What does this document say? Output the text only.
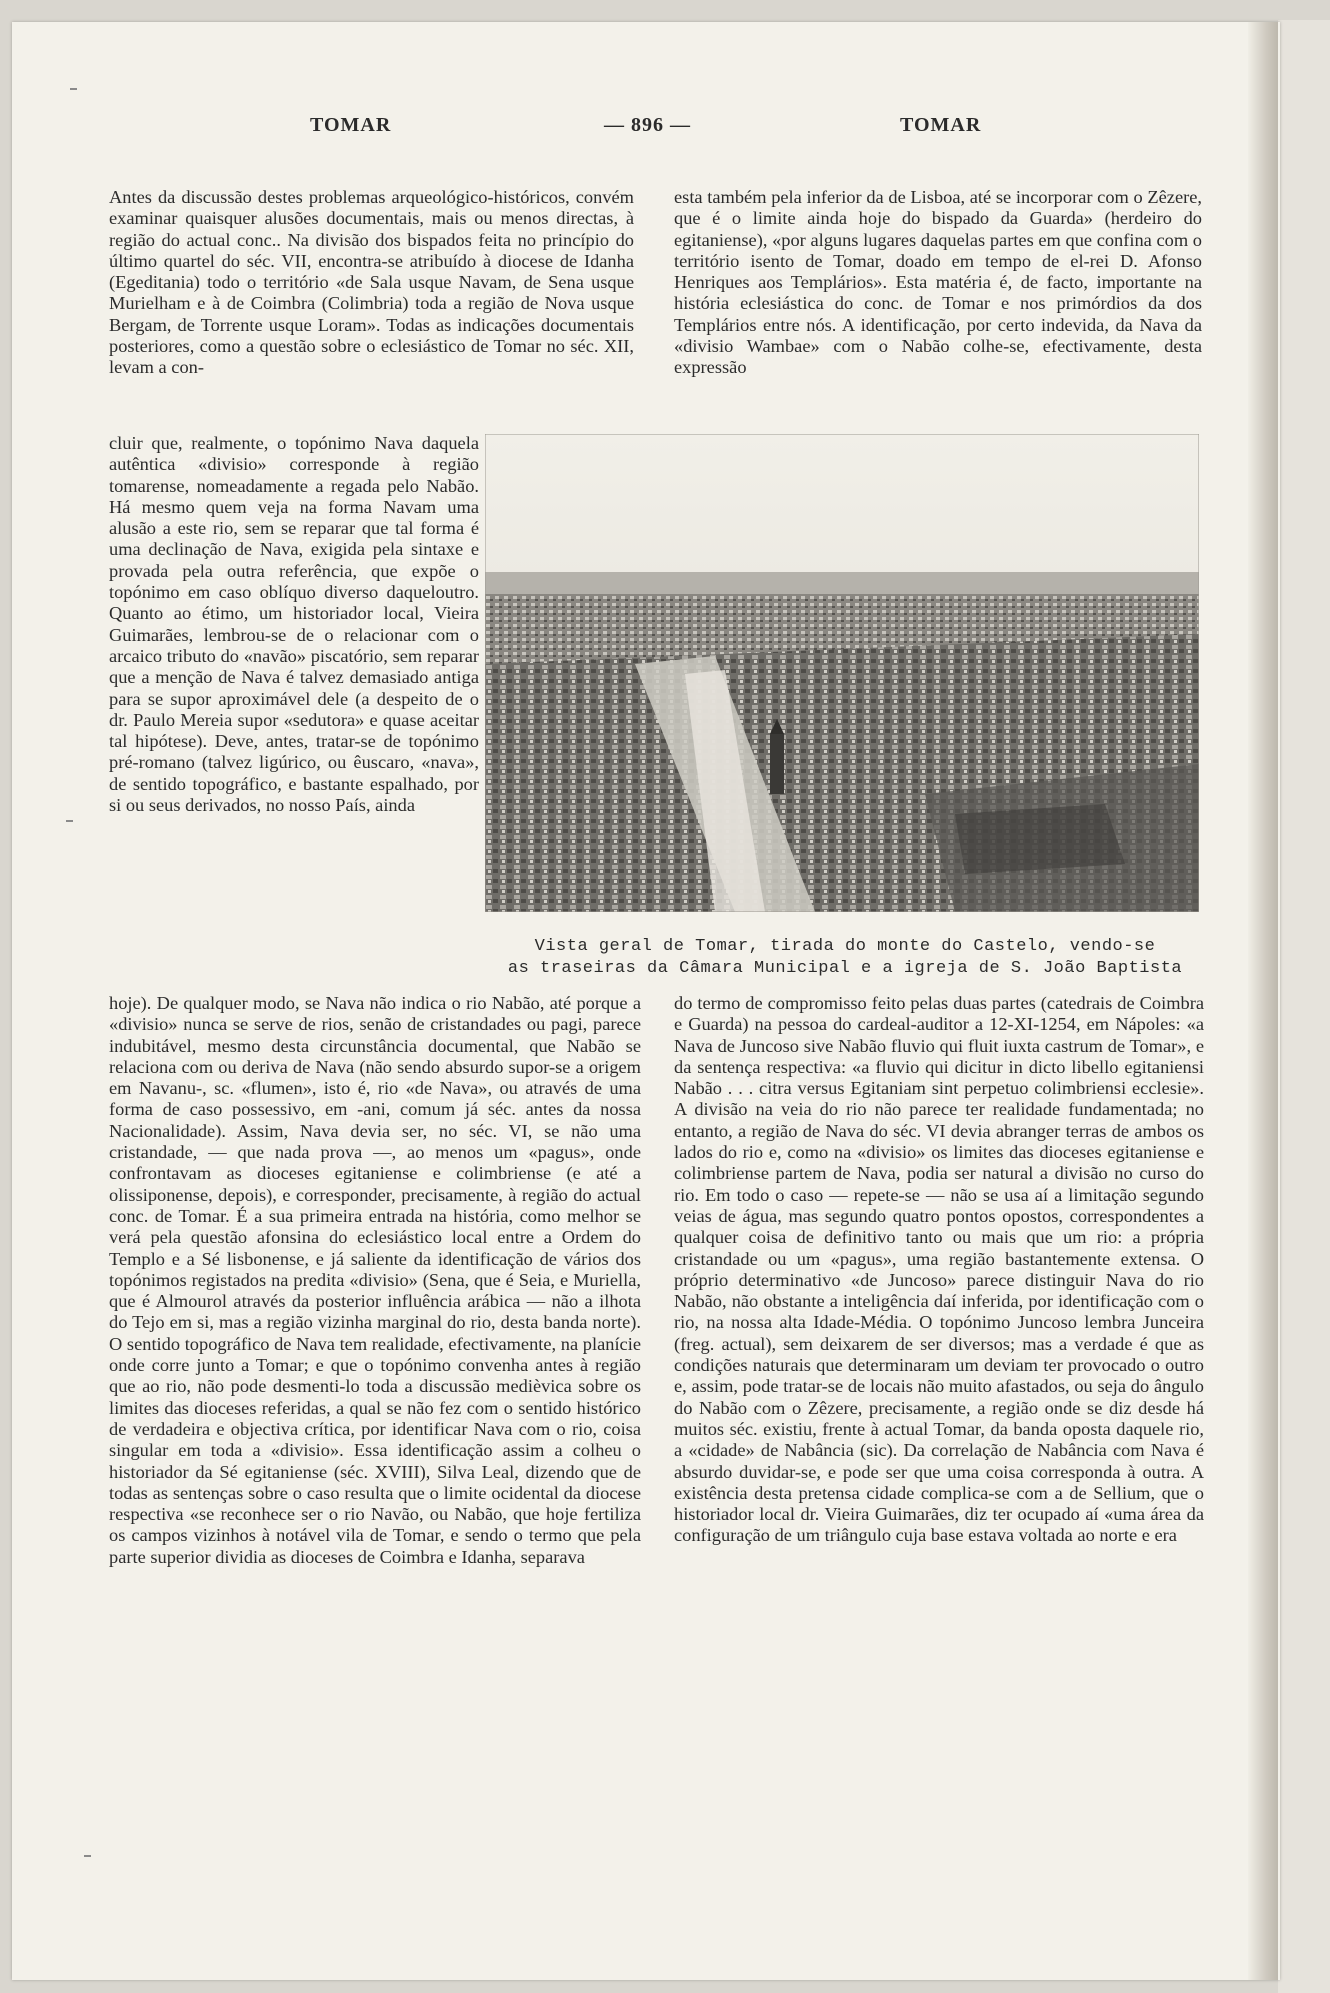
TOMAR	— 896 —	TOMAR

Antes da discussão destes problemas arqueológico-históricos, convém examinar quaisquer alusões documentais, mais ou menos directas, à região do actual conc.. Na divisão dos bispados feita no princípio do último quartel do séc. VII, encontra-se atribuído à diocese de Idanha (Egeditania) todo o território «de Sala usque Navam, de Sena usque Murielham e à de Coimbra (Colimbria) toda a região de Nova usque Bergam, de Torrente usque Loram». Todas as indicações documentais posteriores, como a questão sobre o eclesiástico de Tomar no séc. XII, levam a con-

esta também pela inferior da de Lisboa, até se incorporar com o Zêzere, que é o limite ainda hoje do bispado da Guarda» (herdeiro do egitaniense), «por alguns lugares daquelas partes em que confina com o território isento de Tomar, doado em tempo de el-rei D. Afonso Henriques aos Templários». Esta matéria é, de facto, importante na história eclesiástica do conc. de Tomar e nos primórdios da dos Templários entre nós. A identificação, por certo indevida, da Nava da «divisio Wambae» com o Nabão colhe-se, efectivamente, desta expressão

cluir que, realmente, o topónimo Nava daquela autêntica «divisio» corresponde à região tomarense, nomeadamente a regada pelo Nabão. Há mesmo quem veja na forma Navam uma alusão a este rio, sem se reparar que tal forma é uma declinação de Nava, exigida pela sintaxe e provada pela outra referência, que expõe o topónimo em caso oblíquo diverso daqueloutro. Quanto ao étimo, um historiador local, Vieira Guimarães, lembrou-se de o relacionar com o arcaico tributo do «navão» piscatório, sem reparar que a menção de Nava é talvez demasiado antiga para se supor aproximável dele (a despeito de o dr. Paulo Mereia supor «sedutora» e quase aceitar tal hipótese). Deve, antes, tratar-se de topónimo pré-romano (talvez ligúrico, ou êuscaro, «nava», de sentido topográfico, e bastante espalhado, por si ou seus derivados, no nosso País, ainda

Vista geral de Tomar, tirada do monte do Castelo, vendo-se
as traseiras da Câmara Municipal e a igreja de S. João Baptista

hoje). De qualquer modo, se Nava não indica o rio Nabão, até porque a «divisio» nunca se serve de rios, senão de cristandades ou pagi, parece indubitável, mesmo desta circunstância documental, que Nabão se relaciona com ou deriva de Nava (não sendo absurdo supor-se a origem em Navanu-, sc. «flumen», isto é, rio «de Nava», ou através de uma forma de caso possessivo, em -ani, comum já séc. antes da nossa Nacionalidade). Assim, Nava devia ser, no séc. VI, se não uma cristandade, — que nada prova —, ao menos um «pagus», onde confrontavam as dioceses egitaniense e colimbriense (e até a olissiponense, depois), e corresponder, precisamente, à região do actual conc. de Tomar. É a sua primeira entrada na história, como melhor se verá pela questão afonsina do eclesiástico local entre a Ordem do Templo e a Sé lisbonense, e já saliente da identificação de vários dos topónimos registados na predita «divisio» (Sena, que é Seia, e Muriella, que é Almourol através da posterior influência arábica — não a ilhota do Tejo em si, mas a região vizinha marginal do rio, desta banda norte). O sentido topográfico de Nava tem realidade, efectivamente, na planície onde corre junto a Tomar; e que o topónimo convenha antes à região que ao rio, não pode desmenti-lo toda a discussão medièvica sobre os limites das dioceses referidas, a qual se não fez com o sentido histórico de verdadeira e objectiva crítica, por identificar Nava com o rio, coisa singular em toda a «divisio». Essa identificação assim a colheu o historiador da Sé egitaniense (séc. XVIII), Silva Leal, dizendo que de todas as sentenças sobre o caso resulta que o limite ocidental da diocese respectiva «se reconhece ser o rio Navão, ou Nabão, que hoje fertiliza os campos vizinhos à notável vila de Tomar, e sendo o termo que pela parte superior dividia as dioceses de Coimbra e Idanha, separava

do termo de compromisso feito pelas duas partes (catedrais de Coimbra e Guarda) na pessoa do cardeal-auditor a 12-XI-1254, em Nápoles: «a Nava de Juncoso sive Nabão fluvio qui fluit iuxta castrum de Tomar», e da sentença respectiva: «a fluvio qui dicitur in dicto libello egitaniensi Nabão . . . citra versus Egitaniam sint perpetuo colimbriensi ecclesie». A divisão na veia do rio não parece ter realidade fundamentada; no entanto, a região de Nava do séc. VI devia abranger terras de ambos os lados do rio e, como na «divisio» os limites das dioceses egitaniense e colimbriense partem de Nava, podia ser natural a divisão no curso do rio. Em todo o caso — repete-se — não se usa aí a limitação segundo veias de água, mas segundo quatro pontos opostos, correspondentes a qualquer coisa de definitivo tanto ou mais que um rio: a própria cristandade ou um «pagus», uma região bastantemente extensa. O próprio determinativo «de Juncoso» parece distinguir Nava do rio Nabão, não obstante a inteligência daí inferida, por identificação com o rio, na nossa alta Idade-Média. O topónimo Juncoso lembra Junceira (freg. actual), sem deixarem de ser diversos; mas a verdade é que as condições naturais que determinaram um deviam ter provocado o outro e, assim, pode tratar-se de locais não muito afastados, ou seja do ângulo do Nabão com o Zêzere, precisamente, a região onde se diz desde há muitos séc. existiu, frente à actual Tomar, da banda oposta daquele rio, a «cidade» de Nabância (sic). Da correlação de Nabância com Nava é absurdo duvidar-se, e pode ser que uma coisa corresponda à outra. A existência desta pretensa cidade complica-se com a de Sellium, que o historiador local dr. Vieira Guimarães, diz ter ocupado aí «uma área da configuração de um triângulo cuja base estava voltada ao norte e era
